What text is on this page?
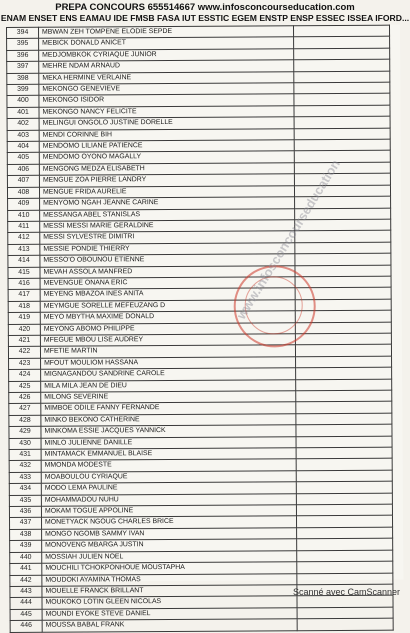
PREPA CONCOURS 655514667 www.infosconcourseducation.com
ENAM ENSET ENS EAMAU IDE FMSB FASA IUT ESSTIC EGEM ENSTP ENSP ESSEC ISSEA IFORD...
394	MBWAN ZEH TOMPENE ELODIE SEPDE	
395	MEBICK DONALD ANICET	
396	MEDJOMBKOK CYRIAQUE JUNIOR	
397	MEHRE NDAM ARNAUD	
398	MEKA HERMINE VERLAINE	
399	MEKONGO GENEVIEVE	
400	MEKONGO ISIDOR	
401	MEKONGO NANCY FELICITE	
402	MELINGUI ONGOLO JUSTINE DORELLE	
403	MENDI CORINNE BIH	
404	MENDOMO LILIANE PATIENCE	
405	MENDOMO OYONO MAGALLY	
406	MENGONG MEDZA ELISABETH	
407	MENGUE ZOA PIERRE LANDRY	
408	MENGUE FRIDA AURELIE	
409	MENYOMO NGAH JEANNE CARINE	
410	MESSANGA ABEL STANISLAS	
411	MESSI MESSI MARIE GERALDINE	
412	MESSI SYLVESTRE DIMITRI	
413	MESSIE PONDIE THIERRY	
414	MESSO'O OBOUNOU ETIENNE	
415	MEVAH ASSOLA MANFRED	
416	MEVENGUE ONANA ERIC	
417	MEYENG MBAZOA INES ANITA	
418	MEYMGUE SORELLE MEFEUZANG D	
419	MEYO MBYTHA MAXIME DONALD	
420	MEYONG ABOMO PHILIPPE	
421	MFEGUE MBOU LISE AUDREY	
422	MFETIE MARTIN	
423	MFOUT MOULIOM HASSANA	
424	MIGNAGANDOU SANDRINE CAROLE	
425	MILA MILA JEAN DE DIEU	
426	MILONG SEVERINE	
427	MIMBOE ODILE FANNY FERNANDE	
428	MINKO BEKONO CATHERINE	
429	MINKOMA ESSIE JACQUES YANNICK	
430	MINLO JULIENNE DANILLE	
431	MINTAMACK EMMANUEL BLAISE	
432	MMONDA MODESTE	
433	MOABOULOU CYRIAQUE	
434	MODO LEMA PAULINE	
435	MOHAMMADOU NUHU	
436	MOKAM TOGUE APPOLINE	
437	MONETYACK NGOUG CHARLES BRICE	
438	MONGO NGOMB SAMMY IVAN	
439	MONOVENG MBARGA JUSTIN	
440	MOSSIAH JULIEN NOEL	
441	MOUCHILI TCHOKPONHOUE MOUSTAPHA	
442	MOUDOKI AYAMINA THOMAS	
443	MOUELLE FRANCK BRILLANT	
444	MOUKOKO LOTIN GLEEN NICOLAS	
445	MOUNDI EYOKE STEVE DANIEL	
446	MOUSSA BABAL FRANK	
www.infosconcourseducation
Scanné avec CamScanner
